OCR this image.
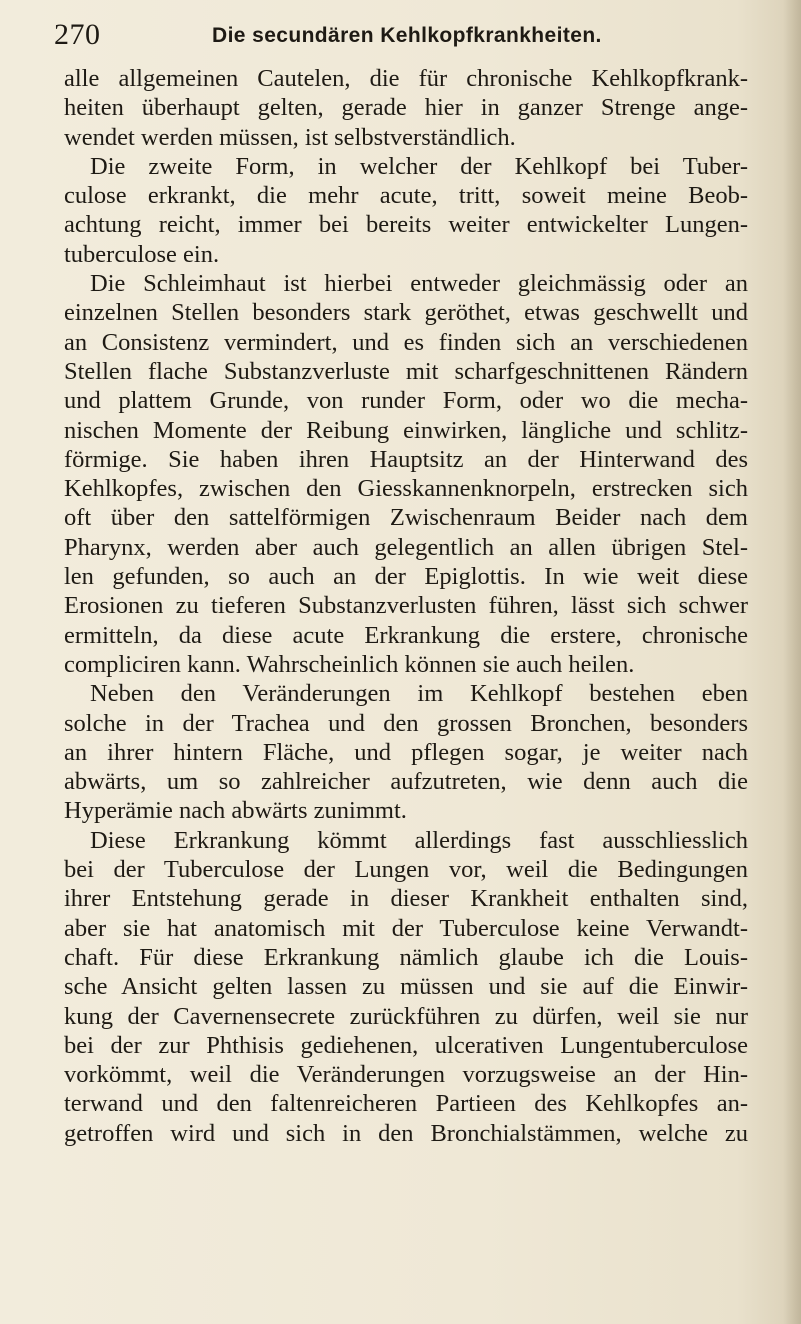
270	Die secundären Kehlkopfkrankheiten.
alle allgemeinen Cautelen, die für chronische Kehlkopfkrank-
heiten überhaupt gelten, gerade hier in ganzer Strenge ange-
wendet werden müssen, ist selbstverständlich.
Die zweite Form, in welcher der Kehlkopf bei Tuber-
culose erkrankt, die mehr acute, tritt, soweit meine Beob-
achtung reicht, immer bei bereits weiter entwickelter Lungen-
tuberculose ein.
Die Schleimhaut ist hierbei entweder gleichmässig oder an
einzelnen Stellen besonders stark geröthet, etwas geschwellt und
an Consistenz vermindert, und es finden sich an verschiedenen
Stellen flache Substanzverluste mit scharfgeschnittenen Rändern
und plattem Grunde, von runder Form, oder wo die mecha-
nischen Momente der Reibung einwirken, längliche und schlitz-
förmige. Sie haben ihren Hauptsitz an der Hinterwand des
Kehlkopfes, zwischen den Giesskannenknorpeln, erstrecken sich
oft über den sattelförmigen Zwischenraum Beider nach dem
Pharynx, werden aber auch gelegentlich an allen übrigen Stel-
len gefunden, so auch an der Epiglottis. In wie weit diese
Erosionen zu tieferen Substanzverlusten führen, lässt sich schwer
ermitteln, da diese acute Erkrankung die erstere, chronische
compliciren kann. Wahrscheinlich können sie auch heilen.
Neben den Veränderungen im Kehlkopf bestehen eben
solche in der Trachea und den grossen Bronchen, besonders
an ihrer hintern Fläche, und pflegen sogar, je weiter nach
abwärts, um so zahlreicher aufzutreten, wie denn auch die
Hyperämie nach abwärts zunimmt.
Diese Erkrankung kömmt allerdings fast ausschliesslich
bei der Tuberculose der Lungen vor, weil die Bedingungen
ihrer Entstehung gerade in dieser Krankheit enthalten sind,
aber sie hat anatomisch mit der Tuberculose keine Verwandt-
chaft. Für diese Erkrankung nämlich glaube ich die Louis-
sche Ansicht gelten lassen zu müssen und sie auf die Einwir-
kung der Cavernensecrete zurückführen zu dürfen, weil sie nur
bei der zur Phthisis gediehenen, ulcerativen Lungentuberculose
vorkömmt, weil die Veränderungen vorzugsweise an der Hin-
terwand und den faltenreicheren Partieen des Kehlkopfes an-
getroffen wird und sich in den Bronchialstämmen, welche zu
